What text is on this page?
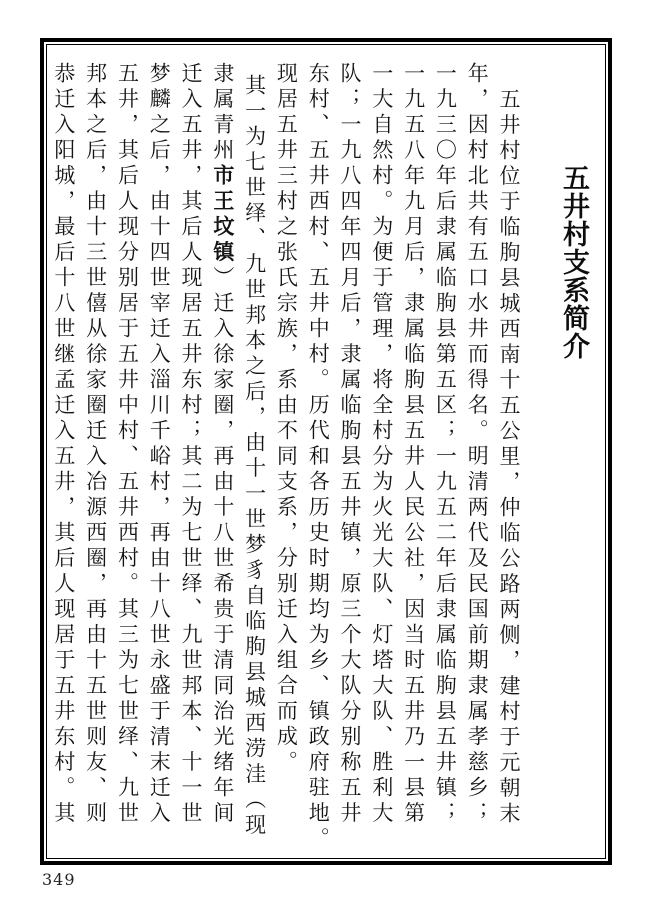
五井村支系简介
五井村位于临朐县城西南十五公里，仲临公路两侧，建村于元朝末
年，因村北共有五口水井而得名。明清两代及民国前期隶属孝慈乡；
一九三〇年后隶属临朐县第五区；一九五二年后隶属临朐县五井镇；
一九五八年九月后，隶属临朐县五井人民公社，因当时五井乃一县第
一大自然村。为便于管理，将全村分为火光大队、灯塔大队、胜利大
队；一九八四年四月后，隶属临朐县五井镇，原三个大队分别称五井
东村、五井西村、五井中村。历代和各历史时期均为乡、镇政府驻地。
现居五井三村之张氏宗族，系由不同支系，分别迁入组合而成。
其一为七世绎、九世邦本之后，由十一世梦豸自临朐县城西涝洼（现
隶属青州市王坟镇）迁入徐家圈，再由十八世希贵于清同治光绪年间
迁入五井，其后人现居五井东村；其二为七世绎、九世邦本、十一世
梦麟之后，由十四世宰迁入淄川千峪村，再由十八世永盛于清末迁入
五井，其后人现分别居于五井中村、五井西村。其三为七世绎、九世
邦本之后，由十三世僖从徐家圈迁入冶源西圈，再由十五世则友、则
恭迁入阳城，最后十八世继孟迁入五井，其后人现居于五井东村。其
349
